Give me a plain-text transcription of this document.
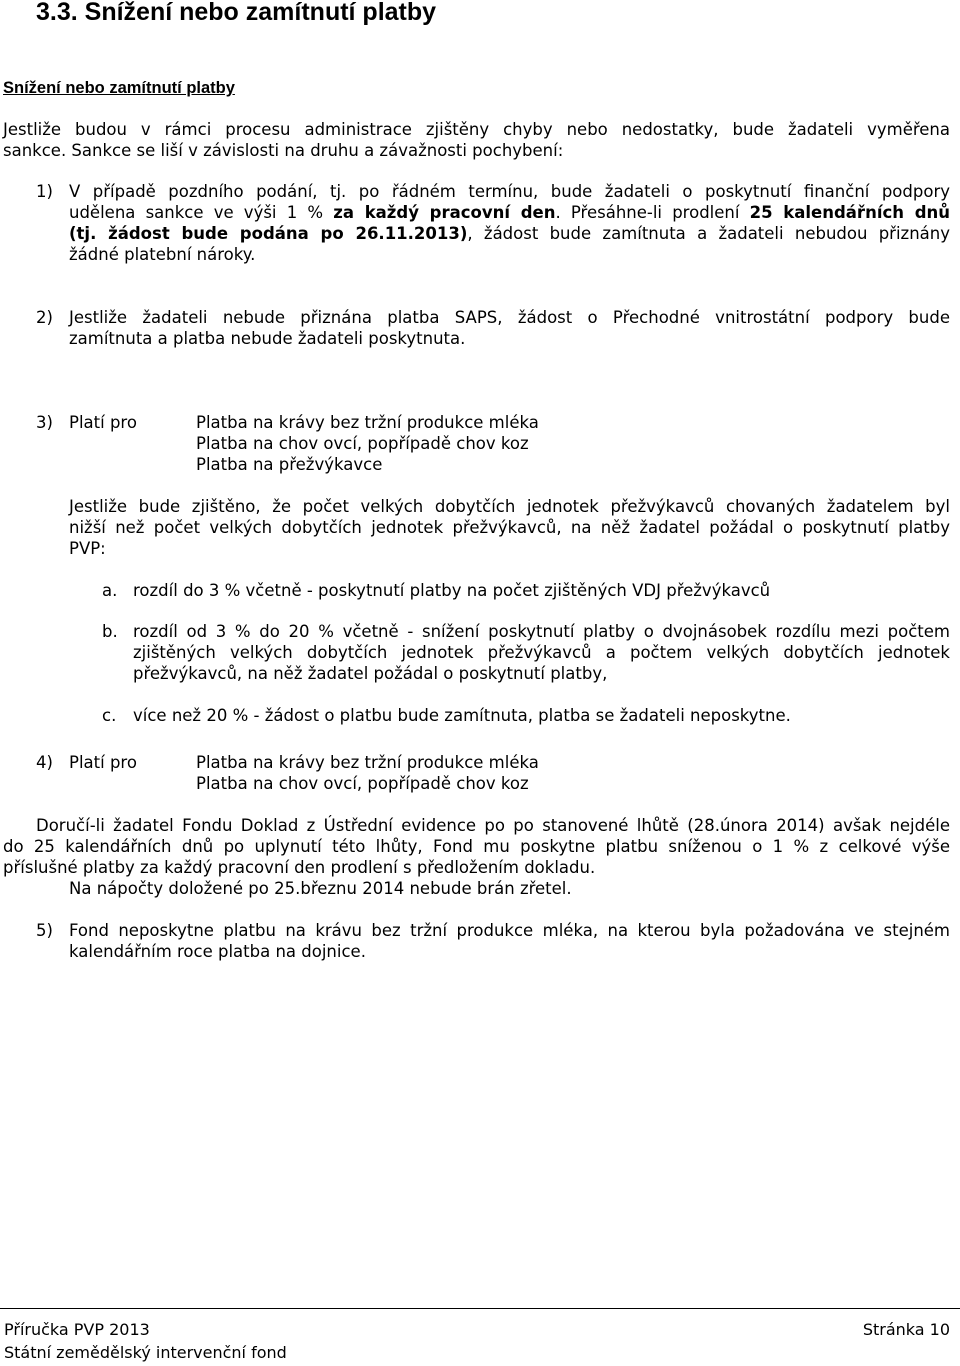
3.3. Snížení nebo zamítnutí platby
Snížení nebo zamítnutí platby
Jestliže budou v rámci procesu administrace zjištěny chyby nebo nedostatky, bude žadateli vyměřena
sankce. Sankce se liší v závislosti na druhu a závažnosti pochybení:
1) V případě pozdního podání, tj. po řádném termínu, bude žadateli o poskytnutí finanční podpory
udělena sankce ve výši 1 % za každý pracovní den. Přesáhne-li prodlení 25 kalendářních dnů
(tj. žádost bude podána po 26.11.2013), žádost bude zamítnuta a žadateli nebudou přiznány
žádné platební nároky.
2) Jestliže žadateli nebude přiznána platba SAPS, žádost o Přechodné vnitrostátní podpory bude
zamítnuta a platba nebude žadateli poskytnuta.
3) Platí pro	Platba na krávy bez tržní produkce mléka
Platba na chov ovcí, popřípadě chov koz
Platba na přežvýkavce
Jestliže bude zjištěno, že počet velkých dobytčích jednotek přežvýkavců chovaných žadatelem byl
nižší než počet velkých dobytčích jednotek přežvýkavců, na něž žadatel požádal o poskytnutí platby
PVP:
a. rozdíl do 3 % včetně - poskytnutí platby na počet zjištěných VDJ přežvýkavců
b. rozdíl od 3 % do 20 % včetně - snížení poskytnutí platby o dvojnásobek rozdílu mezi počtem
zjištěných velkých dobytčích jednotek přežvýkavců a počtem velkých dobytčích jednotek
přežvýkavců, na něž žadatel požádal o poskytnutí platby,
c. více než 20 % - žádost o platbu bude zamítnuta, platba se žadateli neposkytne.
4) Platí pro	Platba na krávy bez tržní produkce mléka
Platba na chov ovcí, popřípadě chov koz
Doručí-li žadatel Fondu Doklad z Ústřední evidence po po stanovené lhůtě (28.února 2014) avšak nejdéle
do 25 kalendářních dnů po uplynutí této lhůty, Fond mu poskytne platbu sníženou o 1 % z celkové výše
příslušné platby za každý pracovní den prodlení s předložením dokladu.
Na nápočty doložené po 25.březnu 2014 nebude brán zřetel.
5) Fond neposkytne platbu na krávu bez tržní produkce mléka, na kterou byla požadována ve stejném
kalendářním roce platba na dojnice.
Příručka PVP 2013	Stránka 10
Státní zemědělský intervenční fond
